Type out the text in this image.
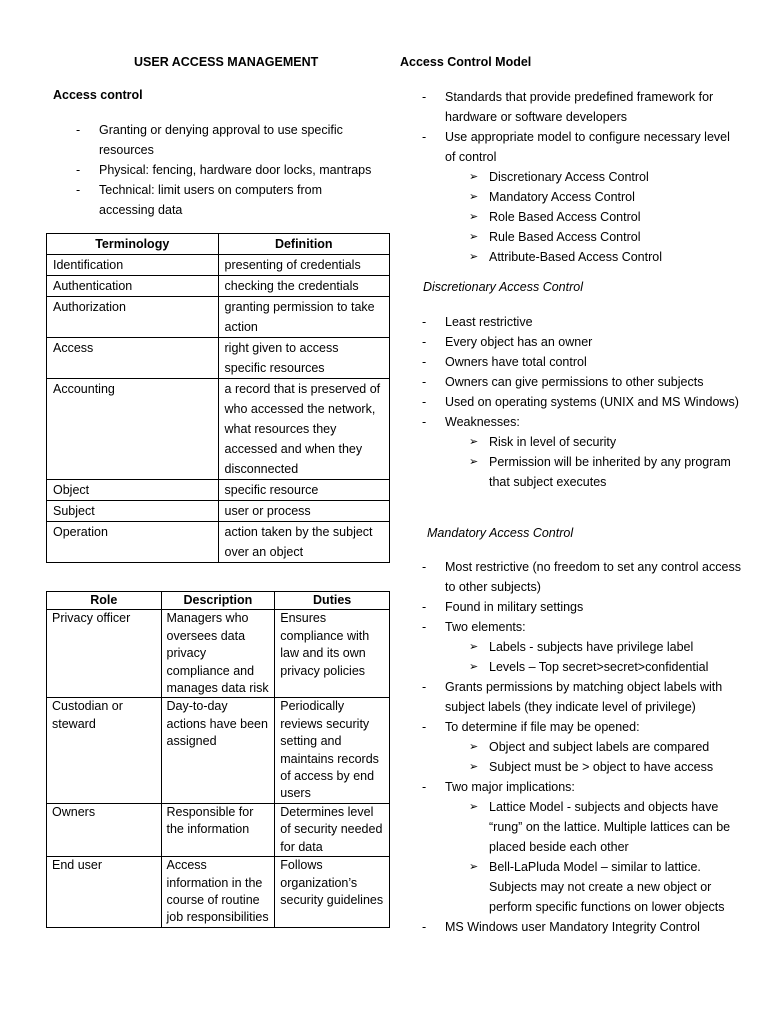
USER ACCESS MANAGEMENT
Access control
- Granting or denying approval to use specific resources
- Physical: fencing, hardware door locks, mantraps
- Technical: limit users on computers from accessing data
Terminology	Definition
Identification	presenting of credentials
Authentication	checking the credentials
Authorization	granting permission to take action
Access	right given to access specific resources
Accounting	a record that is preserved of who accessed the network, what resources they accessed and when they disconnected
Object	specific resource
Subject	user or process
Operation	action taken by the subject over an object
Role	Description	Duties
Privacy officer	Managers who oversees data privacy compliance and manages data risk	Ensures compliance with law and its own privacy policies
Custodian or steward	Day-to-day actions have been assigned	Periodically reviews security setting and maintains records of access by end users
Owners	Responsible for the information	Determines level of security needed for data
End user	Access information in the course of routine job responsibilities	Follows organization’s security guidelines
Access Control Model
- Standards that provide predefined framework for hardware or software developers
- Use appropriate model to configure necessary level of control
➢ Discretionary Access Control
➢ Mandatory Access Control
➢ Role Based Access Control
➢ Rule Based Access Control
➢ Attribute-Based Access Control
Discretionary Access Control
- Least restrictive
- Every object has an owner
- Owners have total control
- Owners can give permissions to other subjects
- Used on operating systems (UNIX and MS Windows)
- Weaknesses:
➢ Risk in level of security
➢ Permission will be inherited by any program that subject executes
Mandatory Access Control
- Most restrictive (no freedom to set any control access to other subjects)
- Found in military settings
- Two elements:
➢ Labels - subjects have privilege label
➢ Levels – Top secret>secret>confidential
- Grants permissions by matching object labels with subject labels (they indicate level of privilege)
- To determine if file may be opened:
➢ Object and subject labels are compared
➢ Subject must be > object to have access
- Two major implications:
➢ Lattice Model - subjects and objects have “rung” on the lattice. Multiple lattices can be placed beside each other
➢ Bell-LaPluda Model – similar to lattice. Subjects may not create a new object or perform specific functions on lower objects
- MS Windows user Mandatory Integrity Control
